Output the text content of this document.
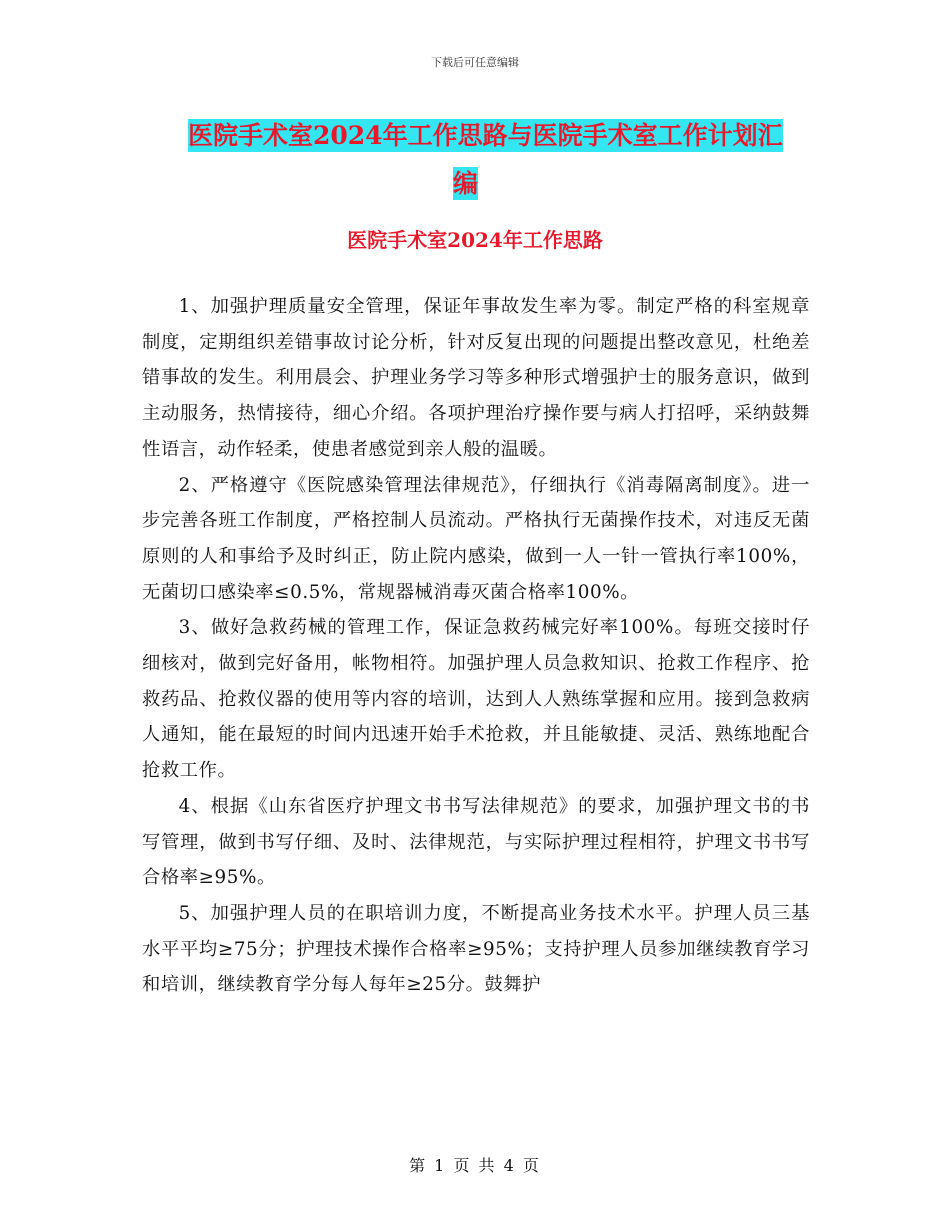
下载后可任意编辑
医院手术室2024年工作思路与医院手术室工作计划汇
编
医院手术室2024年工作思路

1、加强护理质量安全管理，保证年事故发生率为零。制定严格的科室规章制度，定期组织差错事故讨论分析，针对反复出现的问题提出整改意见，杜绝差错事故的发生。利用晨会、护理业务学习等多种形式增强护士的服务意识，做到主动服务，热情接待，细心介绍。各项护理治疗操作要与病人打招呼，采纳鼓舞性语言，动作轻柔，使患者感觉到亲人般的温暖。

2、严格遵守《医院感染管理法律规范》，仔细执行《消毒隔离制度》。进一步完善各班工作制度，严格控制人员流动。严格执行无菌操作技术，对违反无菌原则的人和事给予及时纠正，防止院内感染，做到一人一针一管执行率100%，无菌切口感染率≤0.5%，常规器械消毒灭菌合格率100%。

3、做好急救药械的管理工作，保证急救药械完好率100%。每班交接时仔细核对，做到完好备用，帐物相符。加强护理人员急救知识、抢救工作程序、抢救药品、抢救仪器的使用等内容的培训，达到人人熟练掌握和应用。接到急救病人通知，能在最短的时间内迅速开始手术抢救，并且能敏捷、灵活、熟练地配合抢救工作。

4、根据《山东省医疗护理文书书写法律规范》的要求，加强护理文书的书写管理，做到书写仔细、及时、法律规范，与实际护理过程相符，护理文书书写合格率≥95%。

5、加强护理人员的在职培训力度，不断提高业务技术水平。护理人员三基水平平均≥75分；护理技术操作合格率≥95%；支持护理人员参加继续教育学习和培训，继续教育学分每人每年≥25分。鼓舞护

第 1 页 共 4 页
